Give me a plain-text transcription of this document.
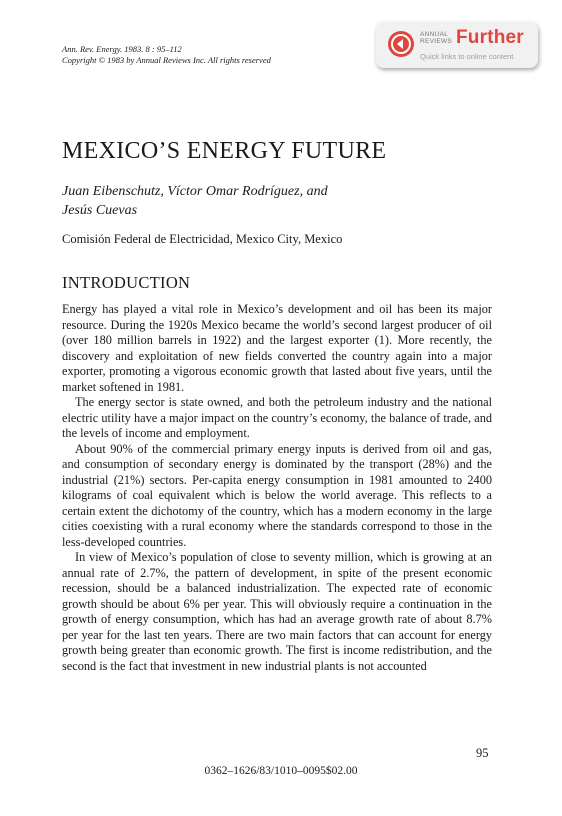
Ann. Rev. Energy. 1983. 8 : 95–112
Copyright © 1983 by Annual Reviews Inc. All rights reserved
ANNUAL
REVIEWS Further
Quick links to online content
MEXICO’S ENERGY FUTURE
Juan Eibenschutz, Víctor Omar Rodríguez, and
Jesús Cuevas
Comisión Federal de Electricidad, Mexico City, Mexico
INTRODUCTION

Energy has played a vital role in Mexico’s development and oil has been its major resource. During the 1920s Mexico became the world’s second largest producer of oil (over 180 million barrels in 1922) and the largest exporter (1). More recently, the discovery and exploitation of new fields converted the country again into a major exporter, promoting a vigorous economic growth that lasted about five years, until the market softened in 1981.

The energy sector is state owned, and both the petroleum industry and the national electric utility have a major impact on the country’s economy, the balance of trade, and the levels of income and employment.

About 90% of the commercial primary energy inputs is derived from oil and gas, and consumption of secondary energy is dominated by the transport (28%) and the industrial (21%) sectors. Per-capita energy consumption in 1981 amounted to 2400 kilograms of coal equivalent which is below the world average. This reflects to a certain extent the dichotomy of the country, which has a modern economy in the large cities coexisting with a rural economy where the standards correspond to those in the less-developed countries.

In view of Mexico’s population of close to seventy million, which is growing at an annual rate of 2.7%, the pattern of development, in spite of the present economic recession, should be a balanced industrialization. The expected rate of economic growth should be about 6% per year. This will obviously require a continuation in the growth of energy consumption, which has had an average growth rate of about 8.7% per year for the last ten years. There are two main factors that can account for energy growth being greater than economic growth. The first is income redistribution, and the second is the fact that investment in new industrial plants is not accounted

95
0362–1626/83/1010–0095$02.00
